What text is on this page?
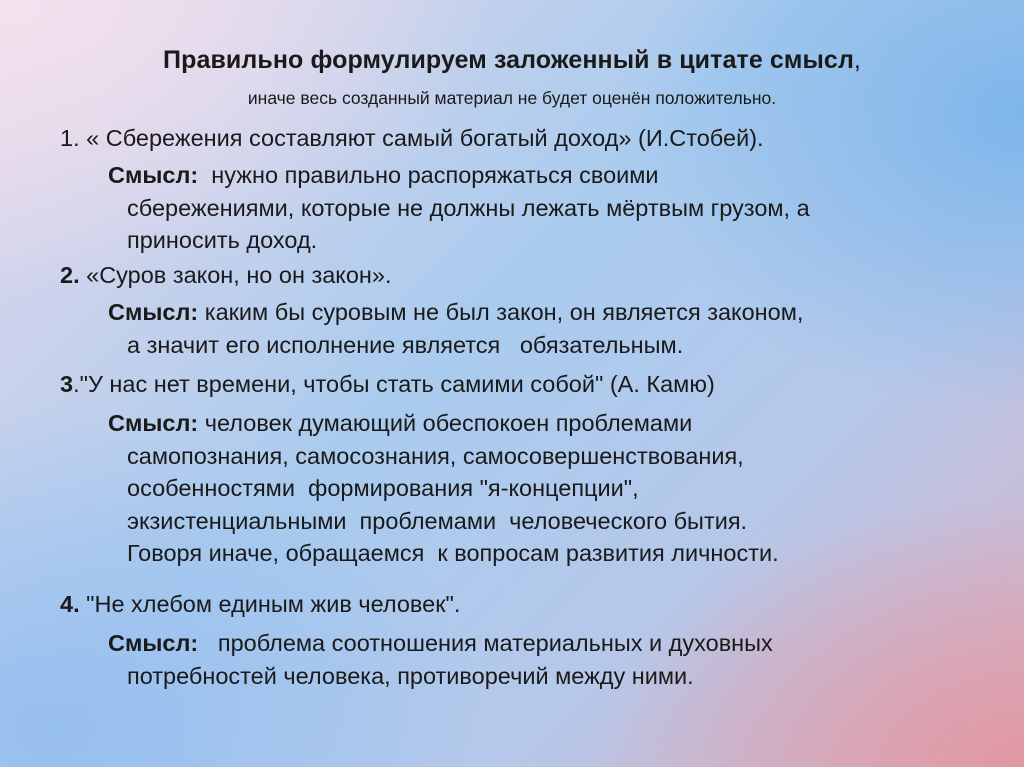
Правильно формулируем заложенный в цитате смысл,
иначе весь созданный материал не будет оценён положительно.
1. « Сбережения составляют самый богатый доход» (И.Стобей).
Смысл:  нужно правильно распоряжаться своими
сбережениями, которые не должны лежать мёртвым грузом, а
приносить доход.
2. «Суров закон, но он закон».
Смысл: каким бы суровым не был закон, он является законом,
а значит его исполнение является   обязательным.
3."У нас нет времени, чтобы стать самими собой" (А. Камю)
Смысл: человек думающий обеспокоен проблемами
самопознания, самосознания, самосовершенствования,
особенностями  формирования "я-концепции",
экзистенциальными  проблемами  человеческого бытия.
Говоря иначе, обращаемся  к вопросам развития личности.
4. "Не хлебом единым жив человек".
Смысл:   проблема соотношения материальных и духовных
потребностей человека, противоречий между ними.
